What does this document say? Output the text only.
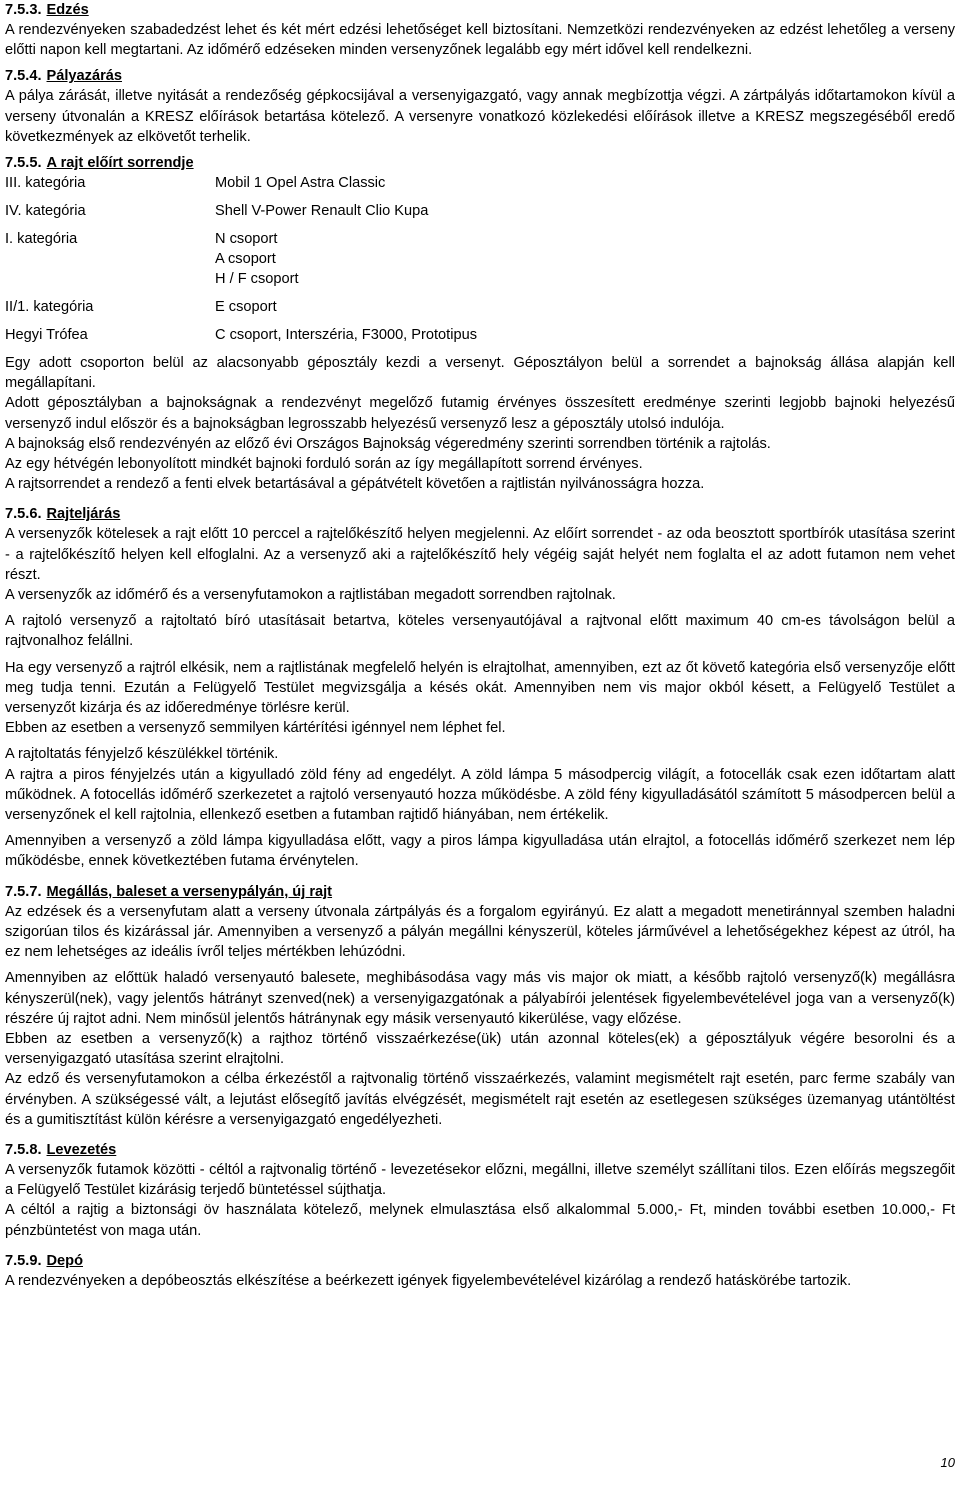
7.5.3. Edzés

A rendezvényeken szabadedzést lehet és két mért edzési lehetőséget kell biztosítani. Nemzetközi rendezvényeken az edzést lehetőleg a verseny előtti napon kell megtartani. Az időmérő edzéseken minden versenyzőnek legalább egy mért idővel kell rendelkezni.

7.5.4. Pályazárás

A pálya zárását, illetve nyitását a rendezőség gépkocsijával a versenyigazgató, vagy annak megbízottja végzi. A zártpályás időtartamokon kívül a verseny útvonalán a KRESZ előírások betartása kötelező. A versenyre vonatkozó közlekedési előírások illetve a KRESZ megszegéséből eredő következmények az elkövetőt terhelik.

7.5.5. A rajt előírt sorrendje

III. kategória	Mobil 1 Opel Astra Classic
IV. kategória	Shell V-Power Renault Clio Kupa
I. kategória	N csoport
	A csoport
	H / F csoport
II/1. kategória	E csoport
Hegyi Trófea	C csoport, Interszéria, F3000, Prototipus

Egy adott csoporton belül az alacsonyabb géposztály kezdi a versenyt. Géposztályon belül a sorrendet a bajnokság állása alapján kell megállapítani.

Adott géposztályban a bajnokságnak a rendezvényt megelőző futamig érvényes összesített eredménye szerinti legjobb bajnoki helyezésű versenyző indul először és a bajnokságban legrosszabb helyezésű versenyző lesz a géposztály utolsó indulója.

A bajnokság első rendezvényén az előző évi Országos Bajnokság végeredmény szerinti sorrendben történik a rajtolás.

Az egy hétvégén lebonyolított mindkét bajnoki forduló során az így megállapított sorrend érvényes.

A rajtsorrendet a rendező a fenti elvek betartásával a gépátvételt követően a rajtlistán nyilvánosságra hozza.

7.5.6. Rajteljárás

A versenyzők kötelesek a rajt előtt 10 perccel a rajtelőkészítő helyen megjelenni. Az előírt sorrendet - az oda beosztott sportbírók utasítása szerint - a rajtelőkészítő helyen kell elfoglalni. Az a versenyző aki a rajtelőkészítő hely végéig saját helyét nem foglalta el az adott futamon nem vehet részt.

A versenyzők az időmérő és a versenyfutamokon a rajtlistában megadott sorrendben rajtolnak.

A rajtoló versenyző a rajtoltató bíró utasításait betartva, köteles versenyautójával a rajtvonal előtt maximum 40 cm-es távolságon belül a rajtvonalhoz felállni.

Ha egy versenyző a rajtról elkésik, nem a rajtlistának megfelelő helyén is elrajtolhat, amennyiben, ezt az őt követő kategória első versenyzője előtt meg tudja tenni. Ezután a Felügyelő Testület megvizsgálja a késés okát. Amennyiben nem vis major okból késett, a Felügyelő Testület a versenyzőt kizárja és az időeredménye törlésre kerül.

Ebben az esetben a versenyző semmilyen kártérítési igénnyel nem léphet fel.

A rajtoltatás fényjelző készülékkel történik.

A rajtra a piros fényjelzés után a kigyulladó zöld fény ad engedélyt. A zöld lámpa 5 másodpercig világít, a fotocellák csak ezen időtartam alatt működnek. A fotocellás időmérő szerkezetet a rajtoló versenyautó hozza működésbe. A zöld fény kigyulladásától számított 5 másodpercen belül a versenyzőnek el kell rajtolnia, ellenkező esetben a futamban rajtidő hiányában, nem értékelik.

Amennyiben a versenyző a zöld lámpa kigyulladása előtt, vagy a piros lámpa kigyulladása után elrajtol, a fotocellás időmérő szerkezet nem lép működésbe, ennek következtében futama érvénytelen.

7.5.7. Megállás, baleset a versenypályán, új rajt

Az edzések és a versenyfutam alatt a verseny útvonala zártpályás és a forgalom egyirányú. Ez alatt a megadott menetiránnyal szemben haladni szigorúan tilos és kizárással jár. Amennyiben a versenyző a pályán megállni kényszerül, köteles járművével a lehetőségekhez képest az útról, ha ez nem lehetséges az ideális ívről teljes mértékben lehúzódni.

Amennyiben az előttük haladó versenyautó balesete, meghibásodása vagy más vis major ok miatt, a később rajtoló versenyző(k) megállásra kényszerül(nek), vagy jelentős hátrányt szenved(nek) a versenyigazgatónak a pályabírói jelentések figyelembevételével joga van a versenyző(k) részére új rajtot adni. Nem minősül jelentős hátránynak egy másik versenyautó kikerülése, vagy előzése.

Ebben az esetben a versenyző(k) a rajthoz történő visszaérkezése(ük) után azonnal köteles(ek) a géposztályuk végére besorolni és a versenyigazgató utasítása szerint elrajtolni.

Az edző és versenyfutamokon a célba érkezéstől a rajtvonalig történő visszaérkezés, valamint megismételt rajt esetén, parc ferme szabály van érvényben. A szükségessé vált, a lejutást elősegítő javítás elvégzését, megismételt rajt esetén az esetlegesen szükséges üzemanyag utántöltést és a gumitisztítást külön kérésre a versenyigazgató engedélyezheti.

7.5.8. Levezetés

A versenyzők futamok közötti - céltól a rajtvonalig történő - levezetésekor előzni, megállni, illetve személyt szállítani tilos. Ezen előírás megszegőit a Felügyelő Testület kizárásig terjedő büntetéssel sújthatja.

A céltól a rajtig a biztonsági öv használata kötelező, melynek elmulasztása első alkalommal 5.000,- Ft, minden további esetben 10.000,- Ft pénzbüntetést von maga után.

7.5.9. Depó

A rendezvényeken a depóbeosztás elkészítése a beérkezett igények figyelembevételével kizárólag a rendező hatáskörébe tartozik.

10
